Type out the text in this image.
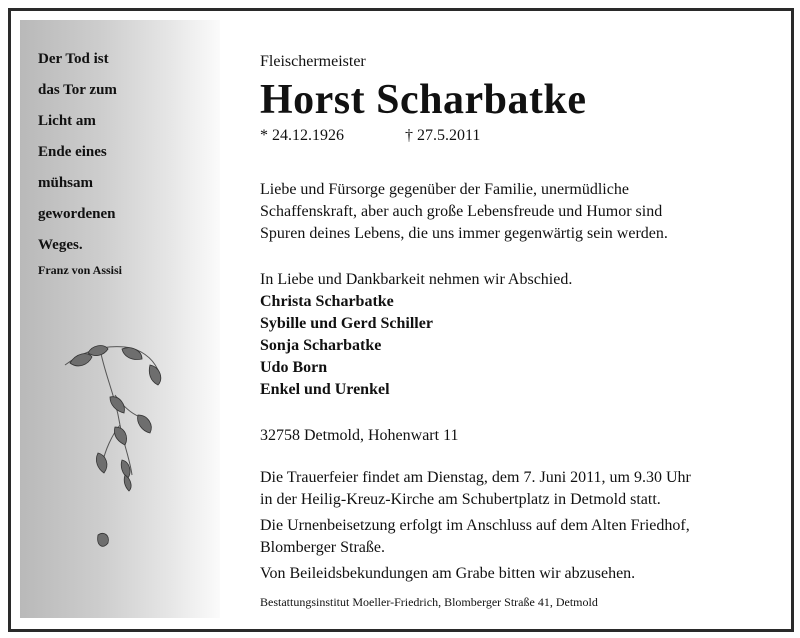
Der Tod ist
das Tor zum
Licht am
Ende eines
mühsam
gewordenen
Weges.
Franz von Assisi
Fleischermeister
Horst Scharbatke
* 24.12.1926	† 27.5.2011
Liebe und Fürsorge gegenüber der Familie, unermüdliche
Schaffenskraft, aber auch große Lebensfreude und Humor sind
Spuren deines Lebens, die uns immer gegenwärtig sein werden.
In Liebe und Dankbarkeit nehmen wir Abschied.
Christa Scharbatke
Sybille und Gerd Schiller
Sonja Scharbatke
Udo Born
Enkel und Urenkel
32758 Detmold, Hohenwart 11
Die Trauerfeier findet am Dienstag, dem 7. Juni 2011, um 9.30 Uhr
in der Heilig-Kreuz-Kirche am Schubertplatz in Detmold statt.
Die Urnenbeisetzung erfolgt im Anschluss auf dem Alten Friedhof,
Blomberger Straße.
Von Beileidsbekundungen am Grabe bitten wir abzusehen.
Bestattungsinstitut Moeller-Friedrich, Blomberger Straße 41, Detmold
